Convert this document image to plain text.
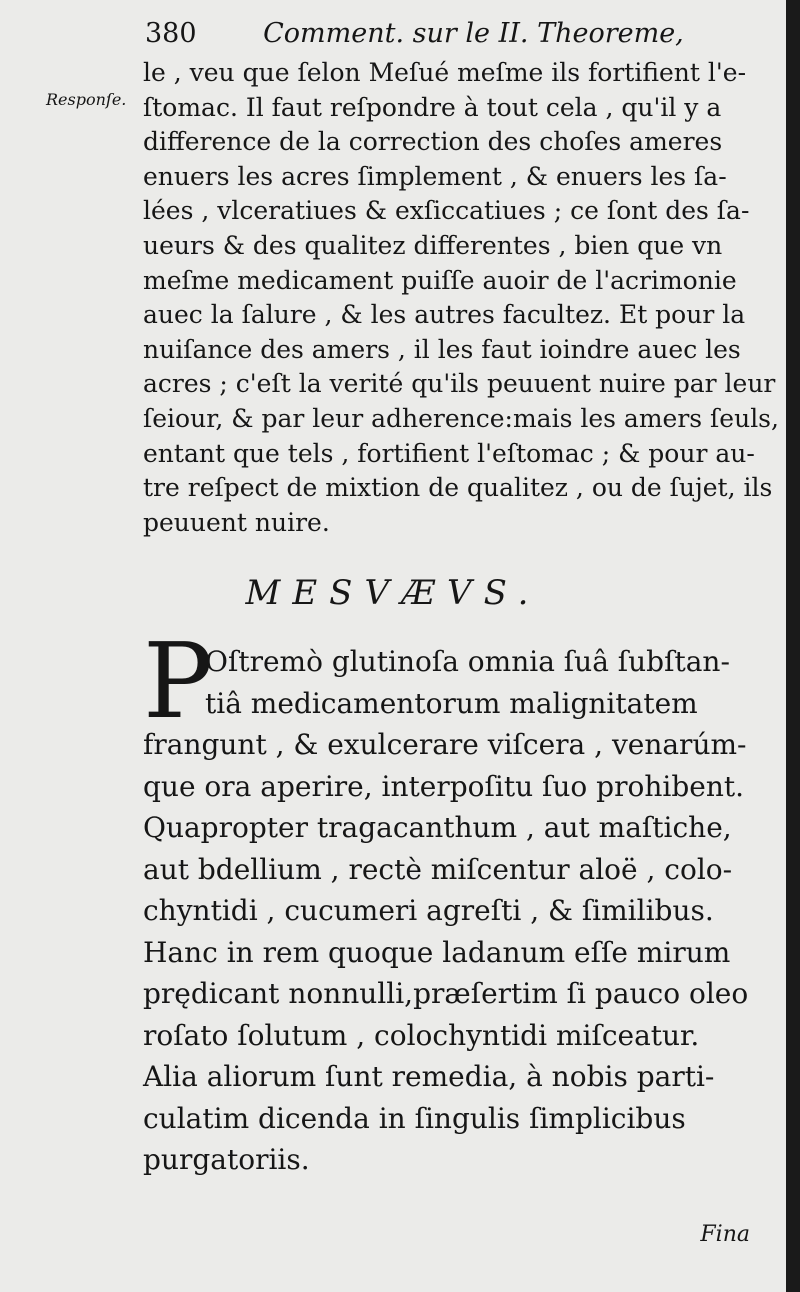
380 Comment. sur le II. Theoreme,
Responſe.
le , veu que ſelon Meſué meſme ils fortifient l'e-
ſtomac. Il faut reſpondre à tout cela , qu'il y a
difference de la correction des choſes ameres
enuers les acres ſimplement , & enuers les ſa-
lées , vlceratiues & exſiccatiues ; ce ſont des ſa-
ueurs & des qualitez differentes , bien que vn
meſme medicament puiſſe auoir de l'acrimonie
auec la ſalure , & les autres facultez. Et pour la
nuiſance des amers , il les faut ioindre auec les
acres ; c'eſt la verité qu'ils peuuent nuire par leur
ſeiour, & par leur adherence:mais les amers ſeuls,
entant que tels , fortifient l'eſtomac ; & pour au-
tre reſpect de mixtion de qualitez , ou de ſujet, ils
peuuent nuire.
MESVÆVS.
P
Oſtremò glutinoſa omnia ſuâ ſubſtan-
tiâ medicamentorum malignitatem
frangunt , & exulcerare viſcera , venarúm-
que ora aperire, interpoſitu ſuo prohibent.
Quapropter tragacanthum , aut maſtiche,
aut bdellium , rectè miſcentur aloë , colo-
chyntidi , cucumeri agreſti , & ſimilibus.
Hanc in rem quoque ladanum eſſe mirum
prędicant nonnulli,præſertim ſi pauco oleo
roſato ſolutum , colochyntidi miſceatur.
Alia aliorum ſunt remedia, à nobis parti-
culatim dicenda in ſingulis ſimplicibus
purgatoriis.
Fina
